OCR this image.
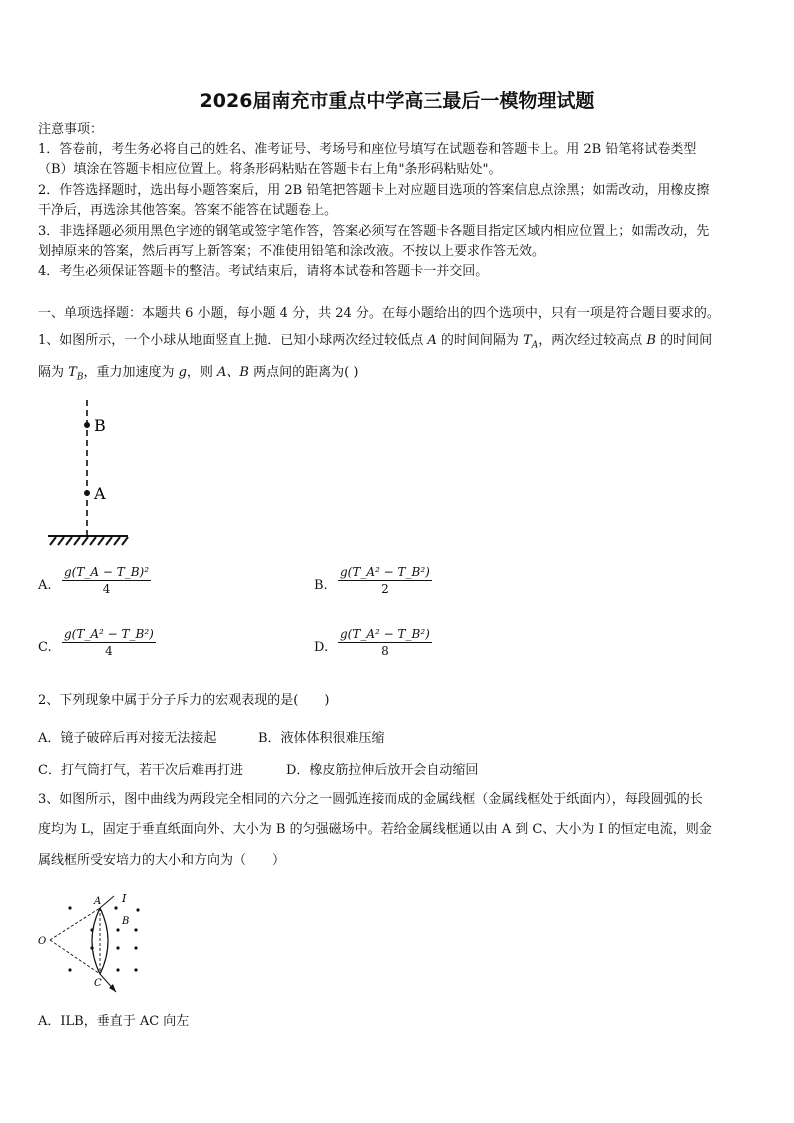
2026届南充市重点中学高三最后一模物理试题
注意事项：
1．答卷前，考生务必将自己的姓名、准考证号、考场号和座位号填写在试题卷和答题卡上。用 2B 铅笔将试卷类型
（B）填涂在答题卡相应位置上。将条形码粘贴在答题卡右上角"条形码粘贴处"。
2．作答选择题时，选出每小题答案后，用 2B 铅笔把答题卡上对应题目选项的答案信息点涂黑；如需改动，用橡皮擦
干净后，再选涂其他答案。答案不能答在试题卷上。
3．非选择题必须用黑色字迹的钢笔或签字笔作答，答案必须写在答题卡各题目指定区域内相应位置上；如需改动，先
划掉原来的答案，然后再写上新答案；不准使用铅笔和涂改液。不按以上要求作答无效。
4．考生必须保证答题卡的整洁。考试结束后，请将本试卷和答题卡一并交回。
一、单项选择题：本题共 6 小题，每小题 4 分，共 24 分。在每小题给出的四个选项中，只有一项是符合题目要求的。
1、如图所示，一个小球从地面竖直上抛．已知小球两次经过较低点 A 的时间间隔为 $T_A$，两次经过较高点 B 的时间间
隔为 $T_B$，重力加速度为 g，则 A、B 两点间的距离为( )
B
A
A.
g(T_A − T_B)²
4	B.
g(T_A² − T_B²)
2
C.
g(T_A² − T_B²)
4	D.
g(T_A² − T_B²)
8
2、下列现象中属于分子斥力的宏观表现的是(　　)
A．镜子破碎后再对接无法接起	B．液体体积很难压缩
C．打气筒打气，若干次后难再打进	D．橡皮筋拉伸后放开会自动缩回
3、如图所示，图中曲线为两段完全相同的六分之一圆弧连接而成的金属线框（金属线框处于纸面内），每段圆弧的长
度均为 L，固定于垂直纸面向外、大小为 B 的匀强磁场中。若给金属线框通以由 A 到 C、大小为 I 的恒定电流，则金
属线框所受安培力的大小和方向为（　　）
O
A
C
B
I
A．ILB，垂直于 AC 向左
